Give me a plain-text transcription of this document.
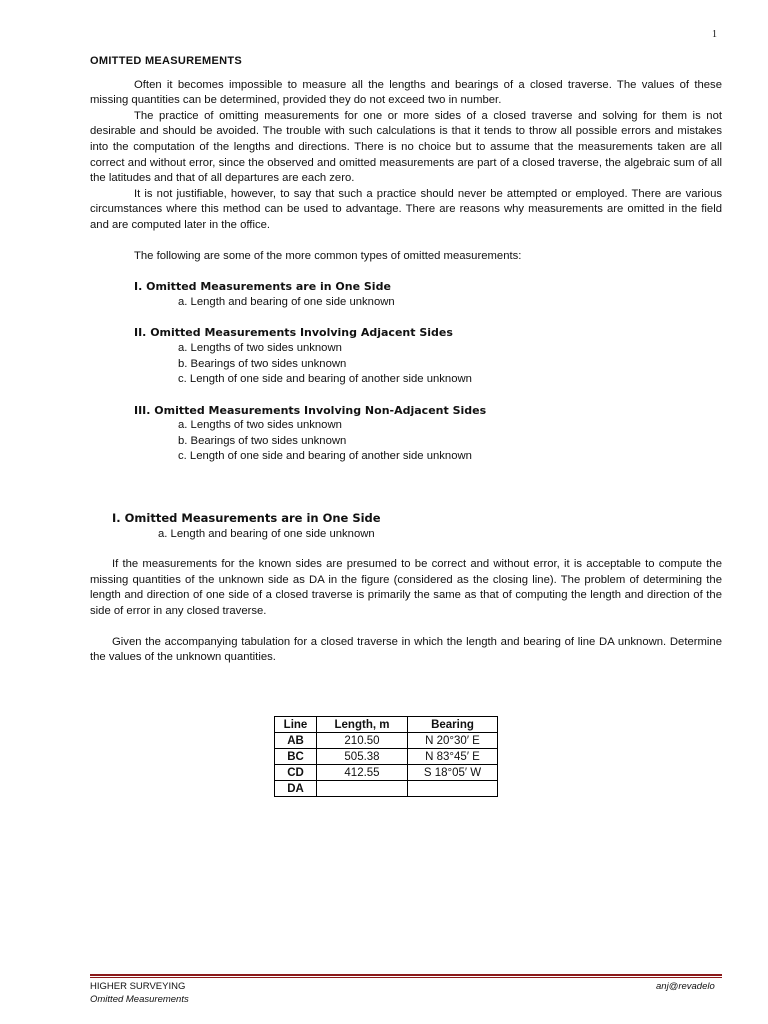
1
OMITTED MEASUREMENTS

Often it becomes impossible to measure all the lengths and bearings of a closed traverse. The values of these missing quantities can be determined, provided they do not exceed two in number.

The practice of omitting measurements for one or more sides of a closed traverse and solving for them is not desirable and should be avoided. The trouble with such calculations is that it tends to throw all possible errors and mistakes into the computation of the lengths and directions. There is no choice but to assume that the measurements taken are all correct and without error, since the observed and omitted measurements are part of a closed traverse, the algebraic sum of all the latitudes and that of all departures are each zero.

It is not justifiable, however, to say that such a practice should never be attempted or employed. There are various circumstances where this method can be used to advantage. There are reasons why measurements are omitted in the field and are computed later in the office.

The following are some of the more common types of omitted measurements:

I. Omitted Measurements are in One Side
a. Length and bearing of one side unknown
II. Omitted Measurements Involving Adjacent Sides
a. Lengths of two sides unknown
b. Bearings of two sides unknown
c. Length of one side and bearing of another side unknown
III. Omitted Measurements Involving Non-Adjacent Sides
a. Lengths of two sides unknown
b. Bearings of two sides unknown
c. Length of one side and bearing of another side unknown
I. Omitted Measurements are in One Side
a. Length and bearing of one side unknown

If the measurements for the known sides are presumed to be correct and without error, it is acceptable to compute the missing quantities of the unknown side as DA in the figure (considered as the closing line). The problem of determining the length and direction of one side of a closed traverse is primarily the same as that of computing the length and direction of the side of error in any closed traverse.

Given the accompanying tabulation for a closed traverse in which the length and bearing of line DA unknown. Determine the values of the unknown quantities.

Line	Length, m	Bearing
AB	210.50	N 20°30′ E
BC	505.38	N 83°45′ E
CD	412.55	S 18°05′ W
DA		
HIGHER SURVEYING
Omitted Measurements
anj@revadelo
